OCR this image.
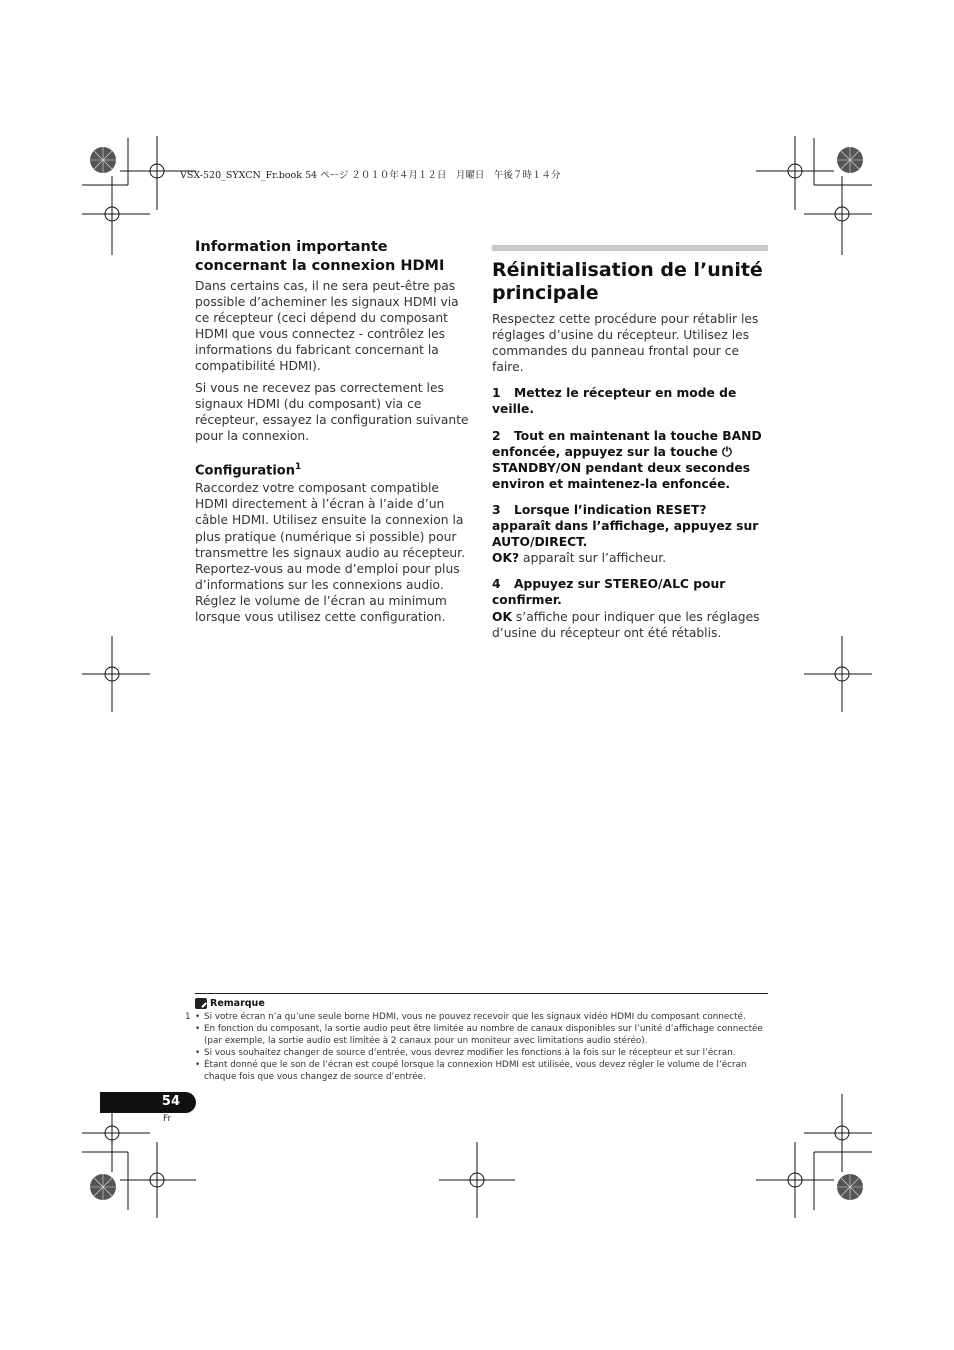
VSX-520_SYXCN_Fr.book 54 ページ ２０１０年４月１２日　月曜日　午後７時１４分
Information importante concernant la connexion HDMI

Dans certains cas, il ne sera peut-être pas possible d’acheminer les signaux HDMI via ce récepteur (ceci dépend du composant HDMI que vous connectez - contrôlez les informations du fabricant concernant la compatibilité HDMI).

Si vous ne recevez pas correctement les signaux HDMI (du composant) via ce récepteur, essayez la configuration suivante pour la connexion.

Configuration$^1$

Raccordez votre composant compatible HDMI directement à l’écran à l’aide d’un câble HDMI. Utilisez ensuite la connexion la plus pratique (numérique si possible) pour transmettre les signaux audio au récepteur. Reportez-vous au mode d’emploi pour plus d’informations sur les connexions audio. Réglez le volume de l’écran au minimum lorsque vous utilisez cette configuration.

Réinitialisation de l’unité principale

Respectez cette procédure pour rétablir les réglages d’usine du récepteur. Utilisez les commandes du panneau frontal pour ce faire.

1 Mettez le récepteur en mode de veille.

2 Tout en maintenant la touche BAND enfoncée, appuyez sur la touche ⏻ STANDBY/ON pendant deux secondes environ et maintenez-la enfoncée.

3 Lorsque l’indication RESET? apparaît dans l’affichage, appuyez sur AUTO/DIRECT.

OK? apparaît sur l’afficheur.

4 Appuyez sur STEREO/ALC pour confirmer.

OK s’affiche pour indiquer que les réglages d’usine du récepteur ont été rétablis.

Remarque
1 • Si votre écran n’a qu’une seule borne HDMI, vous ne pouvez recevoir que les signaux vidéo HDMI du composant connecté.
• En fonction du composant, la sortie audio peut être limitée au nombre de canaux disponibles sur l’unité d’affichage connectée (par exemple, la sortie audio est limitée à 2 canaux pour un moniteur avec limitations audio stéréo).
• Si vous souhaitez changer de source d’entrée, vous devrez modifier les fonctions à la fois sur le récepteur et sur l’écran.
• Étant donné que le son de l’écran est coupé lorsque la connexion HDMI est utilisée, vous devez régler le volume de l’écran chaque fois que vous changez de source d’entrée.
54
Fr
